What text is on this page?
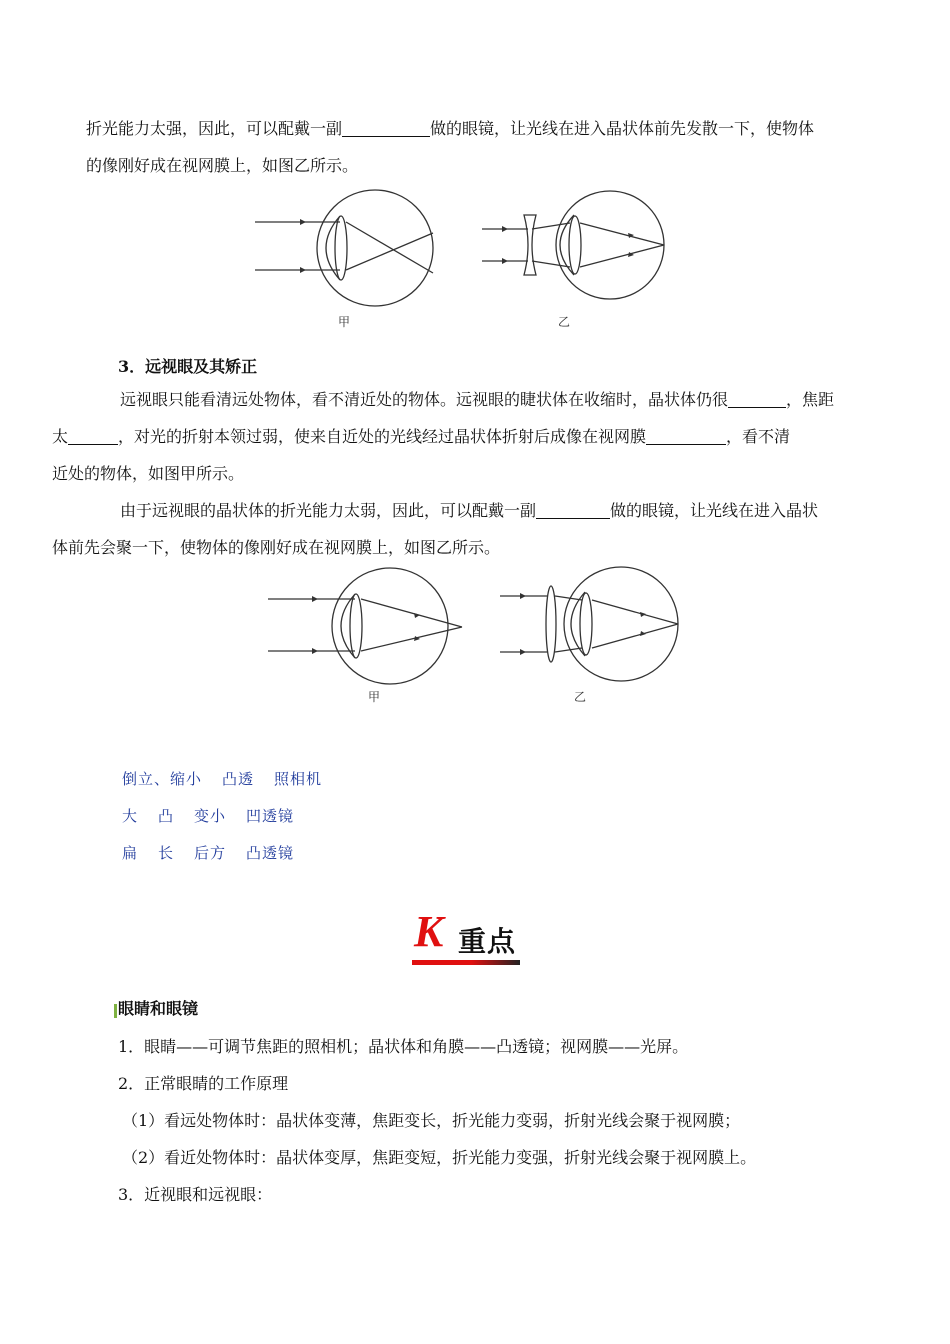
折光能力太强，因此，可以配戴一副	做的眼镜，让光线在进入晶状体前先发散一下，使物体
的像刚好成在视网膜上，如图乙所示。

甲	乙

3．远视眼及其矫正

远视眼只能看清远处物体，看不清近处的物体。远视眼的睫状体在收缩时，晶状体仍很	，焦距
太	，对光的折射本领过弱，使来自近处的光线经过晶状体折射后成像在视网膜	，看不清
近处的物体，如图甲所示。

由于远视眼的晶状体的折光能力太弱，因此，可以配戴一副	做的眼镜，让光线在进入晶状
体前先会聚一下，使物体的像刚好成在视网膜上，如图乙所示。

甲	乙
倒立、缩小 凸透 照相机
大 凸 变小 凹透镜
扁 长 后方 凸透镜
K 重点

眼睛和眼镜

1．眼睛——可调节焦距的照相机；晶状体和角膜——凸透镜；视网膜——光屏。

2．正常眼睛的工作原理

（1）看远处物体时：晶状体变薄，焦距变长，折光能力变弱，折射光线会聚于视网膜；

（2）看近处物体时：晶状体变厚，焦距变短，折光能力变强，折射光线会聚于视网膜上。

3．近视眼和远视眼：
